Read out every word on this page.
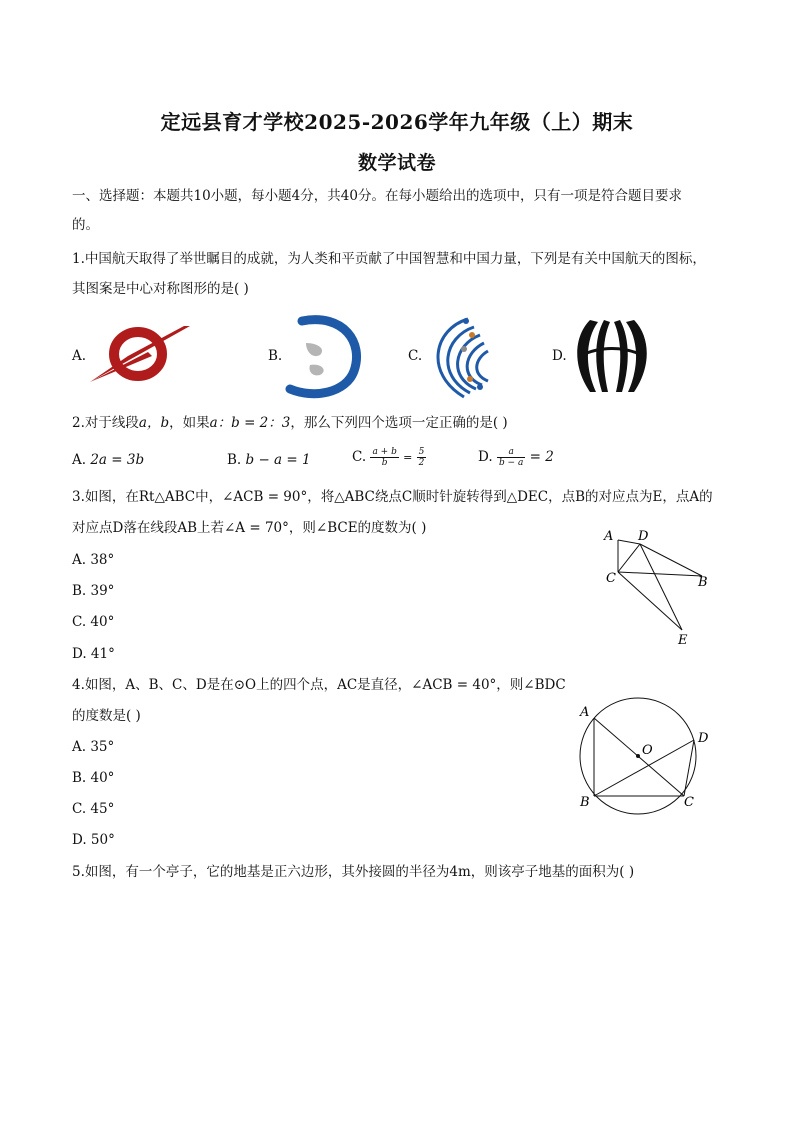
定远县育才学校2025-2026学年九年级（上）期末
数学试卷
一、选择题：本题共10小题，每小题4分，共40分。在每小题给出的选项中，只有一项是符合题目要求
的。
1.中国航天取得了举世瞩目的成就，为人类和平贡献了中国智慧和中国力量，下列是有关中国航天的图标，
其图案是中心对称图形的是( )
A.	B.	C.	D.
2.对于线段a，b，如果a：b = 2：3，那么下列四个选项一定正确的是( )
A. 2a = 3b	B. b − a = 1	C. $\frac{a + b}{b} = \frac{5}{2}$	D. $\frac{a}{b - a} = 2$
3.如图，在Rt△ABC中，∠ACB = 90°，将△ABC绕点C顺时针旋转得到△DEC，点B的对应点为E，点A的
对应点D落在线段AB上若∠A = 70°，则∠BCE的度数为( )
A. 38°
B. 39°
C. 40°
D. 41°
A D
C	B
E
4.如图，A、B、C、D是在⊙O上的四个点，AC是直径，∠ACB = 40°，则∠BDC
的度数是( )
A. 35°
B. 40°
C. 45°
D. 50°
A
O
D
B	C
5.如图，有一个亭子，它的地基是正六边形，其外接圆的半径为4m，则该亭子地基的面积为( )
